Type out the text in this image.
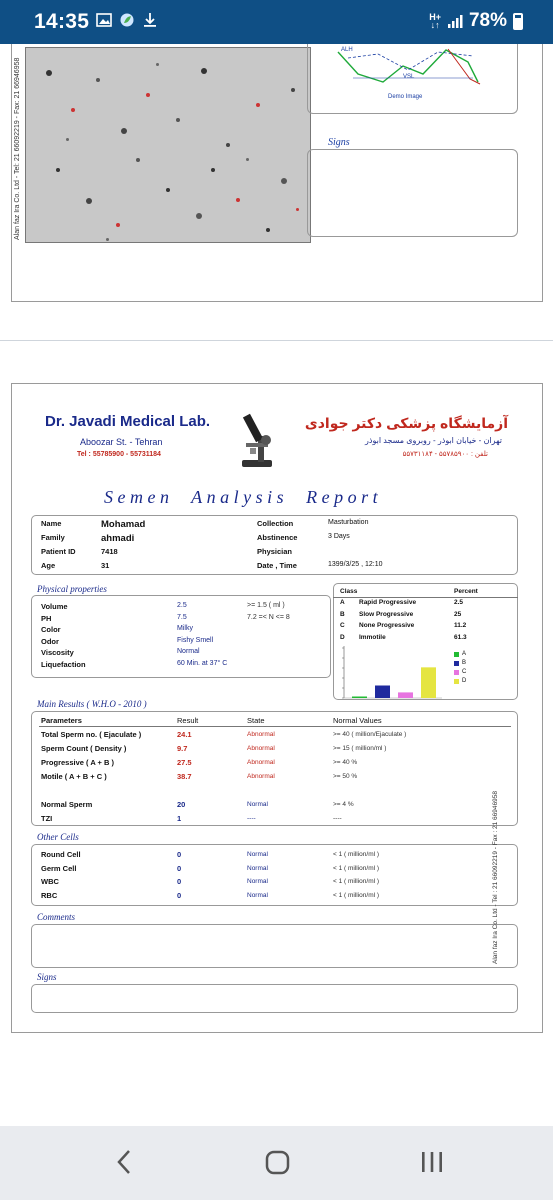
14:35	H+
↓↑ 78%
Alan faz Ira Co. Ltd - Tel: 21 66092219 - Fax: 21 66946958
ALH
VSL
Demo Image
Signs
Dr. Javadi Medical Lab.
Aboozar St. - Tehran
Tel : 55785900 - 55731184
آزمایشگاه پزشکی دکتر جوادی
تهران - خیابان ابوذر - روبروی مسجد ابوذر
تلفن : ۵۵۷۸۵۹۰۰ - ۵۵۷۳۱۱۸۴
Semen  Analysis  Report
Name	Mohamad
Family	ahmadi
Patient ID	7418
Age	31
Collection	Masturbation
Abstinence	3 Days
Physician
Date , Time	1399/3/25 , 12:10
Physical properties
Volume	2.5	>= 1.5 ( ml )
PH	7.5	7.2 =< N <= 8
Color	Milky
Odor	Fishy Smell
Viscosity	Normal
Liquefaction	60 Min. at 37° C
Class	Percent
A Rapid Progressive	2.5
B Slow Progressive	25
C None Progressive	11.2
D Immotile	61.3
A
B
C
D
Main Results ( W.H.O - 2010 )
Parameters	Result	State	Normal Values
Total Sperm no. ( Ejaculate )	24.1	Abnormal	>= 40 ( million/Ejaculate )
Sperm Count ( Density )	9.7	Abnormal	>= 15 ( million/ml )
Progressive ( A + B )	27.5	Abnormal	>= 40 %
Motile ( A + B + C )	38.7	Abnormal	>= 50 %
Normal Sperm	20	Normal	>= 4 %
TZI	1	----	----
Other Cells
Round Cell	0	Normal	< 1 ( million/ml )
Germ Cell	0	Normal	< 1 ( million/ml )
WBC	0	Normal	< 1 ( million/ml )
RBC	0	Normal	< 1 ( million/ml )
Comments
Signs
Alan faz Ira Co. Ltd - Tel : 21 66092219 - Fax : 21 66946958
